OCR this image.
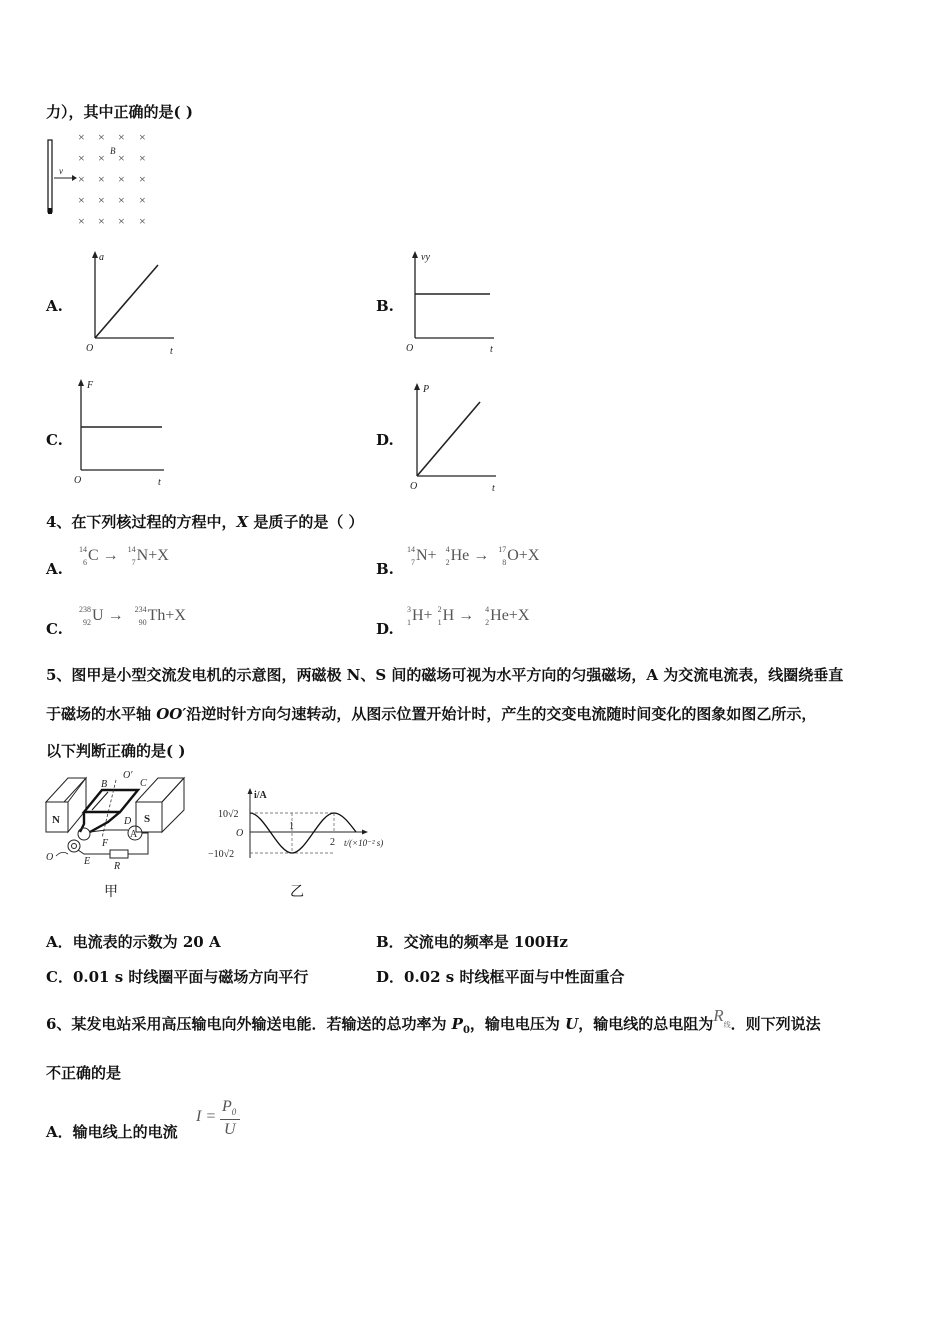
力），其中正确的是( )
v
× × × ×
× × × ×
× × × ×
× × × ×
× × × ×
B
A.
a
O	t
B.
vy
O	t
C.
F
O	t
D.
P
O	t
4、在下列核过程的方程中，X 是质子的是（ ）
A.
14
6 C → 14
7 N+X
B.
14
7 N+ 4
2 He → 17
8 O+X
C.
238
92 U → 234
90 Th+X
D.
3
1 H+ 2
1 H → 4
2 He+X
5、图甲是小型交流发电机的示意图，两磁极 N、S 间的磁场可视为水平方向的匀强磁场，A 为交流电流表，线圈绕垂直
于磁场的水平轴 OO′沿逆时针方向匀速转动，从图示位置开始计时，产生的交变电流随时间变化的图象如图乙所示，
以下判断正确的是( )
N	S
A
R
B
O′
C
D
F
E
O
甲
i/A
10√2
O
−10√2
1
2 t/(×10⁻² s)
乙
A．电流表的示数为 20 A	B．交流电的频率是 100Hz
C．0.01 s 时线圈平面与磁场方向平行	D．0.02 s 时线框平面与中性面重合
6、某发电站采用高压输电向外输送电能．若输送的总功率为 $P_0$，输电电压为 U，输电线的总电阻为$R_线$．则下列说法
不正确的是
A．输电线上的电流
I =
$P_0$
U
